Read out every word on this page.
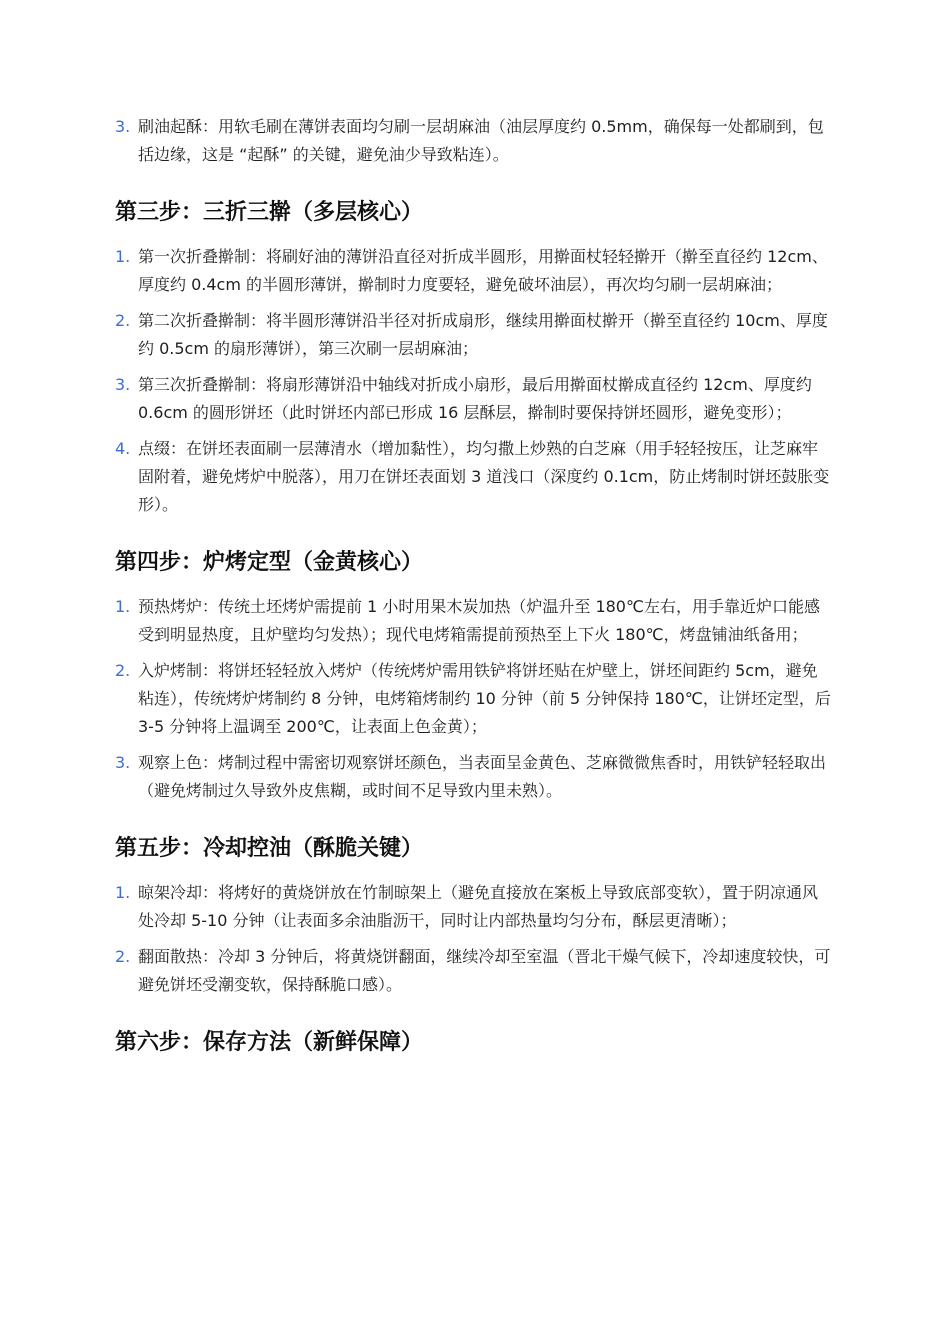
3. 刷油起酥：用软毛刷在薄饼表面均匀刷一层胡麻油（油层厚度约 0.5mm，确保每一处都刷到，包括边缘，这是 “起酥” 的关键，避免油少导致粘连）。
第三步：三折三擀（多层核心）
1. 第一次折叠擀制：将刷好油的薄饼沿直径对折成半圆形，用擀面杖轻轻擀开（擀至直径约 12cm、厚度约 0.4cm 的半圆形薄饼，擀制时力度要轻，避免破坏油层），再次均匀刷一层胡麻油；
2. 第二次折叠擀制：将半圆形薄饼沿半径对折成扇形，继续用擀面杖擀开（擀至直径约 10cm、厚度约 0.5cm 的扇形薄饼），第三次刷一层胡麻油；
3. 第三次折叠擀制：将扇形薄饼沿中轴线对折成小扇形，最后用擀面杖擀成直径约 12cm、厚度约 0.6cm 的圆形饼坯（此时饼坯内部已形成 16 层酥层，擀制时要保持饼坯圆形，避免变形）；
4. 点缀：在饼坯表面刷一层薄清水（增加黏性），均匀撒上炒熟的白芝麻（用手轻轻按压，让芝麻牢固附着，避免烤炉中脱落），用刀在饼坯表面划 3 道浅口（深度约 0.1cm，防止烤制时饼坯鼓胀变形）。
第四步：炉烤定型（金黄核心）
1. 预热烤炉：传统土坯烤炉需提前 1 小时用果木炭加热（炉温升至 180℃左右，用手靠近炉口能感受到明显热度，且炉壁均匀发热）；现代电烤箱需提前预热至上下火 180℃，烤盘铺油纸备用；
2. 入炉烤制：将饼坯轻轻放入烤炉（传统烤炉需用铁铲将饼坯贴在炉壁上，饼坯间距约 5cm，避免粘连），传统烤炉烤制约 8 分钟，电烤箱烤制约 10 分钟（前 5 分钟保持 180℃，让饼坯定型，后 3-5 分钟将上温调至 200℃，让表面上色金黄）；
3. 观察上色：烤制过程中需密切观察饼坯颜色，当表面呈金黄色、芝麻微微焦香时，用铁铲轻轻取出（避免烤制过久导致外皮焦糊，或时间不足导致内里未熟）。
第五步：冷却控油（酥脆关键）
1. 晾架冷却：将烤好的黄烧饼放在竹制晾架上（避免直接放在案板上导致底部变软），置于阴凉通风处冷却 5-10 分钟（让表面多余油脂沥干，同时让内部热量均匀分布，酥层更清晰）；
2. 翻面散热：冷却 3 分钟后，将黄烧饼翻面，继续冷却至室温（晋北干燥气候下，冷却速度较快，可避免饼坯受潮变软，保持酥脆口感）。
第六步：保存方法（新鲜保障）
